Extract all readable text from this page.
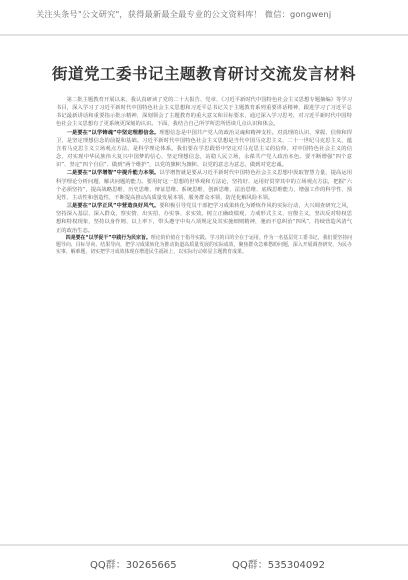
关注头条号"公文研究"，获得最新最全最专业的公文资料库！ 微信：gongwenj
街道党工委书记主题教育研讨交流发言材料

第二批主题教育开展以来，我认真研读了党的二十大报告、党章、《习近平新时代中国特色社会主义思想专题摘编》等学习书目，深入学习了习近平新时代中国特色社会主义思想和习近平总书记关于主题教育系列重要讲话精神，跟进学习了习近平总书记最新讲话和重要指示批示精神，深刻领会了主题教育的重大意义和目标要求，通过深入学习思考，对习近平新时代中国特色社会主义思想有了更系统更深刻的认识。下面，我结合自己所学所思所悟谈几点认识和体会。

一是要在“以学铸魂”中坚定理想信念。理想信念是中国共产党人的政治灵魂和精神支柱。对真理的认识、掌握、信仰和捍卫，是坚定理想信念的前提和基础。习近平新时代中国特色社会主义思想是当代中国马克思主义、二十一世纪马克思主义，蕴含着马克思主义立场观点方法，是科学理论体系。我们要在学思践悟中坚定对马克思主义的信仰，对中国特色社会主义的信念，对实现中华民族伟大复兴中国梦的信心，坚定理想信念，站稳人民立场，永葆共产党人政治本色。要不断增强“四个意识”、坚定“四个自信”、做到“两个维护”，以党的旗帜为旗帜、以党的意志为意志，做到对党忠诚。

二是要在“以学增智”中提升能力本领。以学增智就是要从习近平新时代中国特色社会主义思想中汲取智慧力量，提高运用科学理论分析问题、解决问题的能力。要用好这一思想的世界观和方法论，坚持好、运用好贯穿其中的立场观点方法，把握“六个必须坚持”，提高战略思维、历史思维、辩证思维、系统思维、创新思维、法治思维、底线思维能力，增强工作的科学性、预见性、主动性和创造性，不断提高推动高质量发展本领、服务群众本领、防范化解风险本领。

三是要在“以学正风”中营造良好风气。要积极引导党员干部把学习成果转化为锤炼作风的实际行动，大兴调查研究之风，坚持深入基层、深入群众，察实情、出实招、办实事、求实效。树立正确政绩观，力戒形式主义、官僚主义，坚决反对特权思想和特权现象，坚持以身作则、以上率下，带头遵守中央八项规定及其实施细则精神，驰而不息纠治“四风”，持续营造风清气正的政治生态。

四是要在“以学促干”中践行为民宗旨。理论的价值在于指导实践。学习的目的全在于运用。作为一名基层党工委书记，我们要坚持问题导向、目标导向、结果导向，把学习成果转化为推动街道高质量发展的实际成效，聚焦群众急难愁盼问题，深入开展调查研究，为民办实事、解难题，切实把学习成效体现在增进民生福祉上，以实际行动彰显主题教育成果。

QQ群：30265665	QQ群：535304092
